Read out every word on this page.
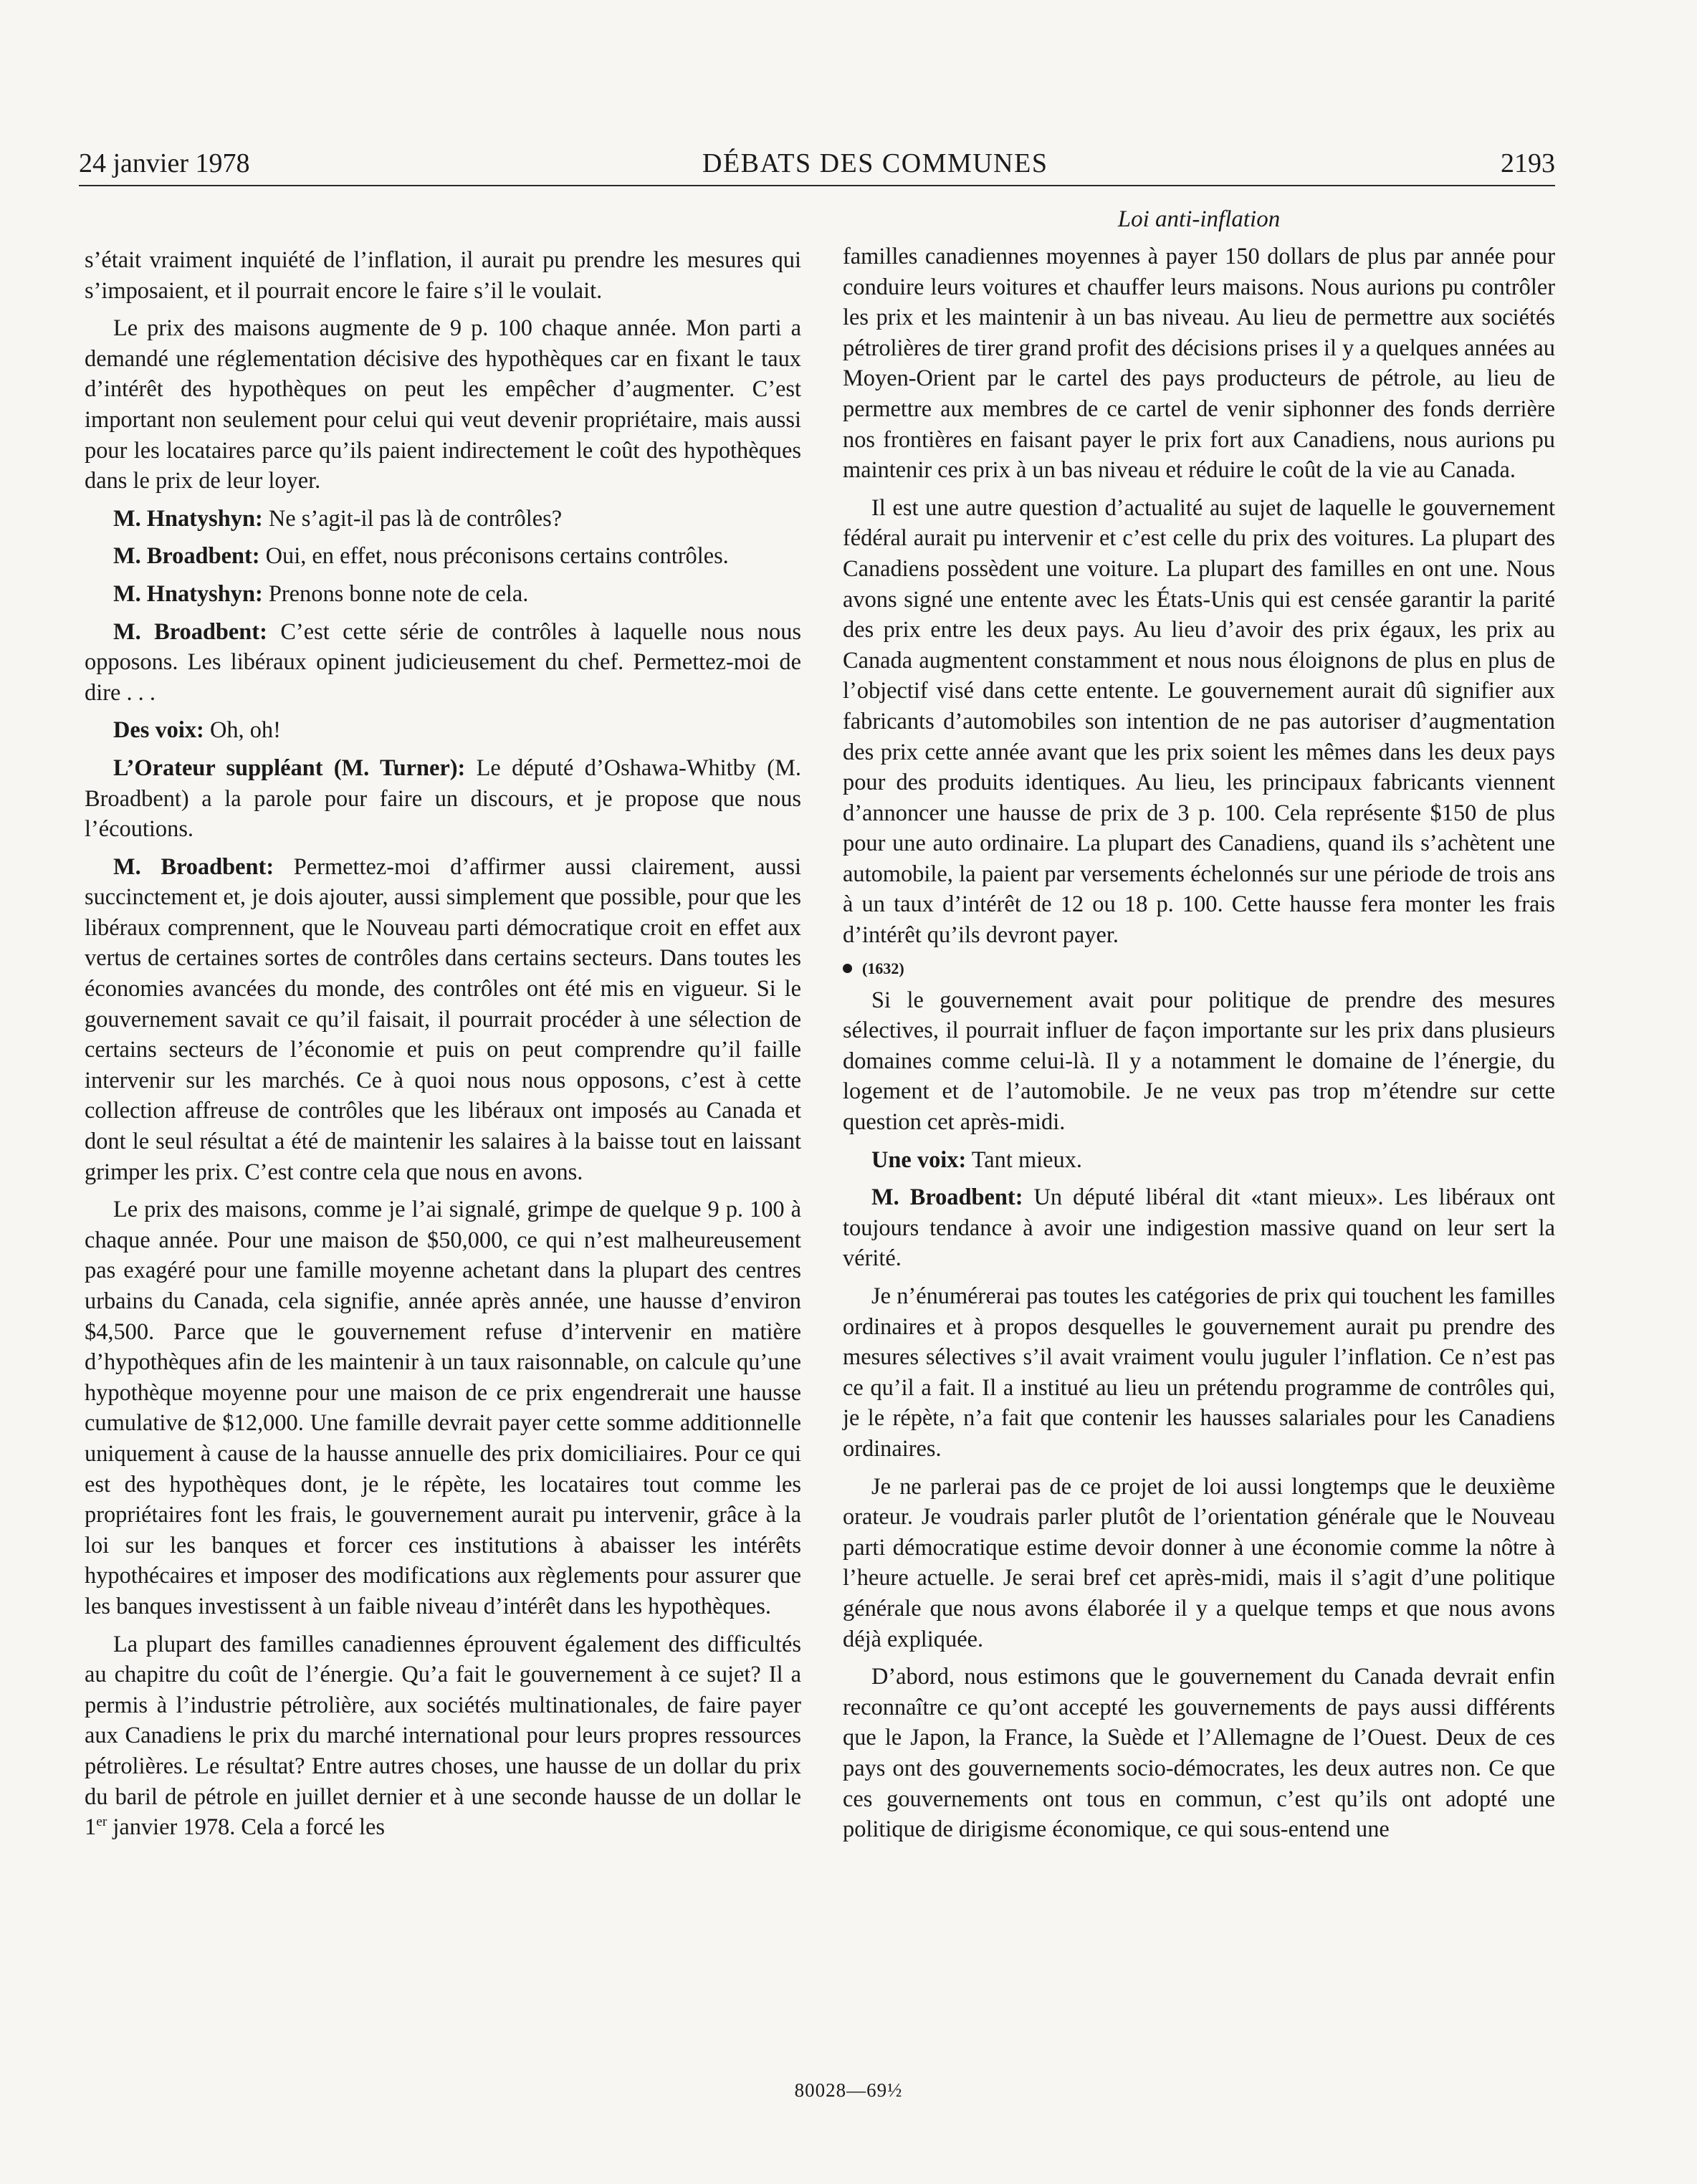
24 janvier 1978	DÉBATS DES COMMUNES	2193
Loi anti-inflation

s’était vraiment inquiété de l’inflation, il aurait pu prendre les mesures qui s’imposaient, et il pourrait encore le faire s’il le voulait.

Le prix des maisons augmente de 9 p. 100 chaque année. Mon parti a demandé une réglementation décisive des hypothèques car en fixant le taux d’intérêt des hypothèques on peut les empêcher d’augmenter. C’est important non seulement pour celui qui veut devenir propriétaire, mais aussi pour les locataires parce qu’ils paient indirectement le coût des hypothèques dans le prix de leur loyer.

M. Hnatyshyn: Ne s’agit-il pas là de contrôles?

M. Broadbent: Oui, en effet, nous préconisons certains contrôles.

M. Hnatyshyn: Prenons bonne note de cela.

M. Broadbent: C’est cette série de contrôles à laquelle nous nous opposons. Les libéraux opinent judicieusement du chef. Permettez-moi de dire . . .

Des voix: Oh, oh!

L’Orateur suppléant (M. Turner): Le député d’Oshawa-Whitby (M. Broadbent) a la parole pour faire un discours, et je propose que nous l’écoutions.

M. Broadbent: Permettez-moi d’affirmer aussi clairement, aussi succinctement et, je dois ajouter, aussi simplement que possible, pour que les libéraux comprennent, que le Nouveau parti démocratique croit en effet aux vertus de certaines sortes de contrôles dans certains secteurs. Dans toutes les économies avancées du monde, des contrôles ont été mis en vigueur. Si le gouvernement savait ce qu’il faisait, il pourrait procéder à une sélection de certains secteurs de l’économie et puis on peut comprendre qu’il faille intervenir sur les marchés. Ce à quoi nous nous opposons, c’est à cette collection affreuse de contrôles que les libéraux ont imposés au Canada et dont le seul résultat a été de maintenir les salaires à la baisse tout en laissant grimper les prix. C’est contre cela que nous en avons.

Le prix des maisons, comme je l’ai signalé, grimpe de quelque 9 p. 100 à chaque année. Pour une maison de $50,000, ce qui n’est malheureusement pas exagéré pour une famille moyenne achetant dans la plupart des centres urbains du Canada, cela signifie, année après année, une hausse d’environ $4,500. Parce que le gouvernement refuse d’intervenir en matière d’hypothèques afin de les maintenir à un taux raisonnable, on calcule qu’une hypothèque moyenne pour une maison de ce prix engendrerait une hausse cumulative de $12,000. Une famille devrait payer cette somme additionnelle uniquement à cause de la hausse annuelle des prix domiciliaires. Pour ce qui est des hypothèques dont, je le répète, les locataires tout comme les propriétaires font les frais, le gouvernement aurait pu intervenir, grâce à la loi sur les banques et forcer ces institutions à abaisser les intérêts hypothécaires et imposer des modifications aux règlements pour assurer que les banques investissent à un faible niveau d’intérêt dans les hypothèques.

La plupart des familles canadiennes éprouvent également des difficultés au chapitre du coût de l’énergie. Qu’a fait le gouvernement à ce sujet? Il a permis à l’industrie pétrolière, aux sociétés multinationales, de faire payer aux Canadiens le prix du marché international pour leurs propres ressources pétrolières. Le résultat? Entre autres choses, une hausse de un dollar du prix du baril de pétrole en juillet dernier et à une seconde hausse de un dollar le 1er janvier 1978. Cela a forcé les

familles canadiennes moyennes à payer 150 dollars de plus par année pour conduire leurs voitures et chauffer leurs maisons. Nous aurions pu contrôler les prix et les maintenir à un bas niveau. Au lieu de permettre aux sociétés pétrolières de tirer grand profit des décisions prises il y a quelques années au Moyen-Orient par le cartel des pays producteurs de pétrole, au lieu de permettre aux membres de ce cartel de venir siphonner des fonds derrière nos frontières en faisant payer le prix fort aux Canadiens, nous aurions pu maintenir ces prix à un bas niveau et réduire le coût de la vie au Canada.

Il est une autre question d’actualité au sujet de laquelle le gouvernement fédéral aurait pu intervenir et c’est celle du prix des voitures. La plupart des Canadiens possèdent une voiture. La plupart des familles en ont une. Nous avons signé une entente avec les États-Unis qui est censée garantir la parité des prix entre les deux pays. Au lieu d’avoir des prix égaux, les prix au Canada augmentent constamment et nous nous éloignons de plus en plus de l’objectif visé dans cette entente. Le gouvernement aurait dû signifier aux fabricants d’automobiles son intention de ne pas autoriser d’augmentation des prix cette année avant que les prix soient les mêmes dans les deux pays pour des produits identiques. Au lieu, les principaux fabricants viennent d’annoncer une hausse de prix de 3 p. 100. Cela représente $150 de plus pour une auto ordinaire. La plupart des Canadiens, quand ils s’achètent une automobile, la paient par versements échelonnés sur une période de trois ans à un taux d’intérêt de 12 ou 18 p. 100. Cette hausse fera monter les frais d’intérêt qu’ils devront payer.

(1632)

Si le gouvernement avait pour politique de prendre des mesures sélectives, il pourrait influer de façon importante sur les prix dans plusieurs domaines comme celui-là. Il y a notamment le domaine de l’énergie, du logement et de l’automobile. Je ne veux pas trop m’étendre sur cette question cet après-midi.

Une voix: Tant mieux.

M. Broadbent: Un député libéral dit «tant mieux». Les libéraux ont toujours tendance à avoir une indigestion massive quand on leur sert la vérité.

Je n’énumérerai pas toutes les catégories de prix qui touchent les familles ordinaires et à propos desquelles le gouvernement aurait pu prendre des mesures sélectives s’il avait vraiment voulu juguler l’inflation. Ce n’est pas ce qu’il a fait. Il a institué au lieu un prétendu programme de contrôles qui, je le répète, n’a fait que contenir les hausses salariales pour les Canadiens ordinaires.

Je ne parlerai pas de ce projet de loi aussi longtemps que le deuxième orateur. Je voudrais parler plutôt de l’orientation générale que le Nouveau parti démocratique estime devoir donner à une économie comme la nôtre à l’heure actuelle. Je serai bref cet après-midi, mais il s’agit d’une politique générale que nous avons élaborée il y a quelque temps et que nous avons déjà expliquée.

D’abord, nous estimons que le gouvernement du Canada devrait enfin reconnaître ce qu’ont accepté les gouvernements de pays aussi différents que le Japon, la France, la Suède et l’Allemagne de l’Ouest. Deux de ces pays ont des gouvernements socio-démocrates, les deux autres non. Ce que ces gouvernements ont tous en commun, c’est qu’ils ont adopté une politique de dirigisme économique, ce qui sous-entend une

80028—69½
